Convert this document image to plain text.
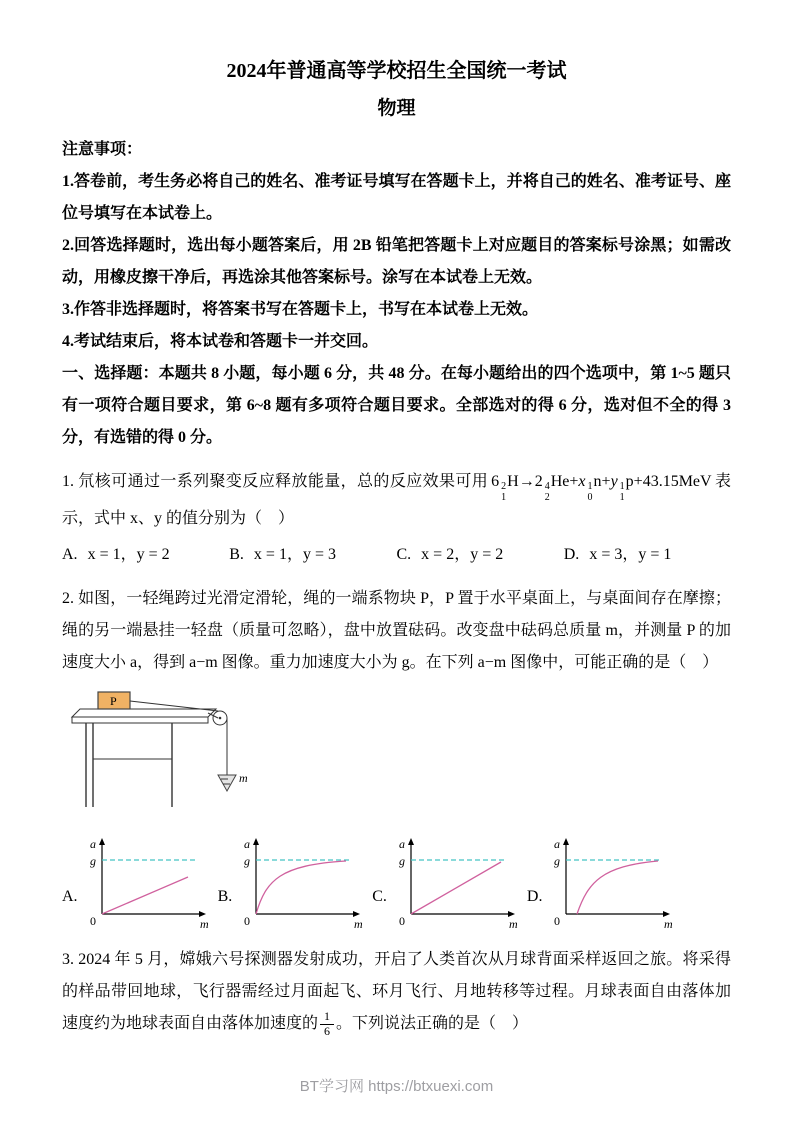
2024年普通高等学校招生全国统一考试
物理

注意事项：

1.答卷前，考生务必将自己的姓名、准考证号填写在答题卡上，并将自己的姓名、准考证号、座位号填写在本试卷上。

2.回答选择题时，选出每小题答案后，用 2B 铅笔把答题卡上对应题目的答案标号涂黑；如需改动，用橡皮擦干净后，再选涂其他答案标号。涂写在本试卷上无效。

3.作答非选择题时，将答案书写在答题卡上，书写在本试卷上无效。

4.考试结束后，将本试卷和答题卡一并交回。

一、选择题：本题共 8 小题，每小题 6 分，共 48 分。在每小题给出的四个选项中，第 1~5 题只有一项符合题目要求，第 6~8 题有多项符合题目要求。全部选对的得 6 分，选对但不全的得 3 分，有选错的得 0 分。

1. 氘核可通过一系列聚变反应释放能量，总的反应效果可用 6 2
1
H→2 4
2
He+x 1
0
n+y 1
1
p+43.15MeV 表示，式中 x、y 的值分别为（　）

A. x = 1，y = 2	B. x = 1，y = 3	C. x = 2，y = 2	D. x = 3，y = 1

2. 如图，一轻绳跨过光滑定滑轮，绳的一端系物块 P，P 置于水平桌面上，与桌面间存在摩擦；绳的另一端悬挂一轻盘（质量可忽略），盘中放置砝码。改变盘中砝码总质量 m，并测量 P 的加速度大小 a，得到 a−m 图像。重力加速度大小为 g。在下列 a−m 图像中，可能正确的是（　）

P
m
A.
a
m
0
g
B.
a
m
0
g
C.
a
m
0
g
D.
a
m
0
g

3. 2024 年 5 月，嫦娥六号探测器发射成功，开启了人类首次从月球背面采样返回之旅。将采得的样品带回地球，飞行器需经过月面起飞、环月飞行、月地转移等过程。月球表面自由落体加速度约为地球表面自由落体加速度的 $\frac{1}{6}$ 。下列说法正确的是（　）

BT学习网 https://btxuexi.com
